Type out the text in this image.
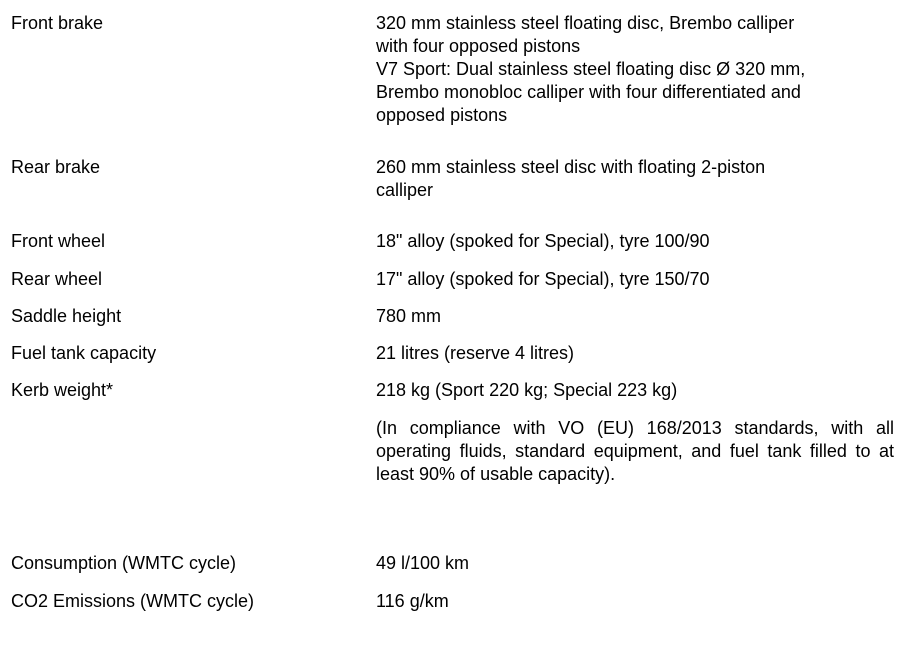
Front brake	320 mm stainless steel floating disc, Brembo calliper
with four opposed pistons
V7 Sport: Dual stainless steel floating disc Ø 320 mm,
Brembo monobloc calliper with four differentiated and
opposed pistons
Rear brake	260 mm stainless steel disc with floating 2-piston
calliper
Front wheel	18" alloy (spoked for Special), tyre 100/90
Rear wheel	17" alloy (spoked for Special), tyre 150/70
Saddle height	780 mm
Fuel tank capacity	21 litres (reserve 4 litres)
Kerb weight*	218 kg (Sport 220 kg; Special 223 kg)
(In compliance with VO (EU) 168/2013 standards, with all operating fluids, standard equipment, and fuel tank filled to at least 90% of usable capacity).
Consumption (WMTC cycle)	49 l/100 km
CO2 Emissions (WMTC cycle)	116 g/km
